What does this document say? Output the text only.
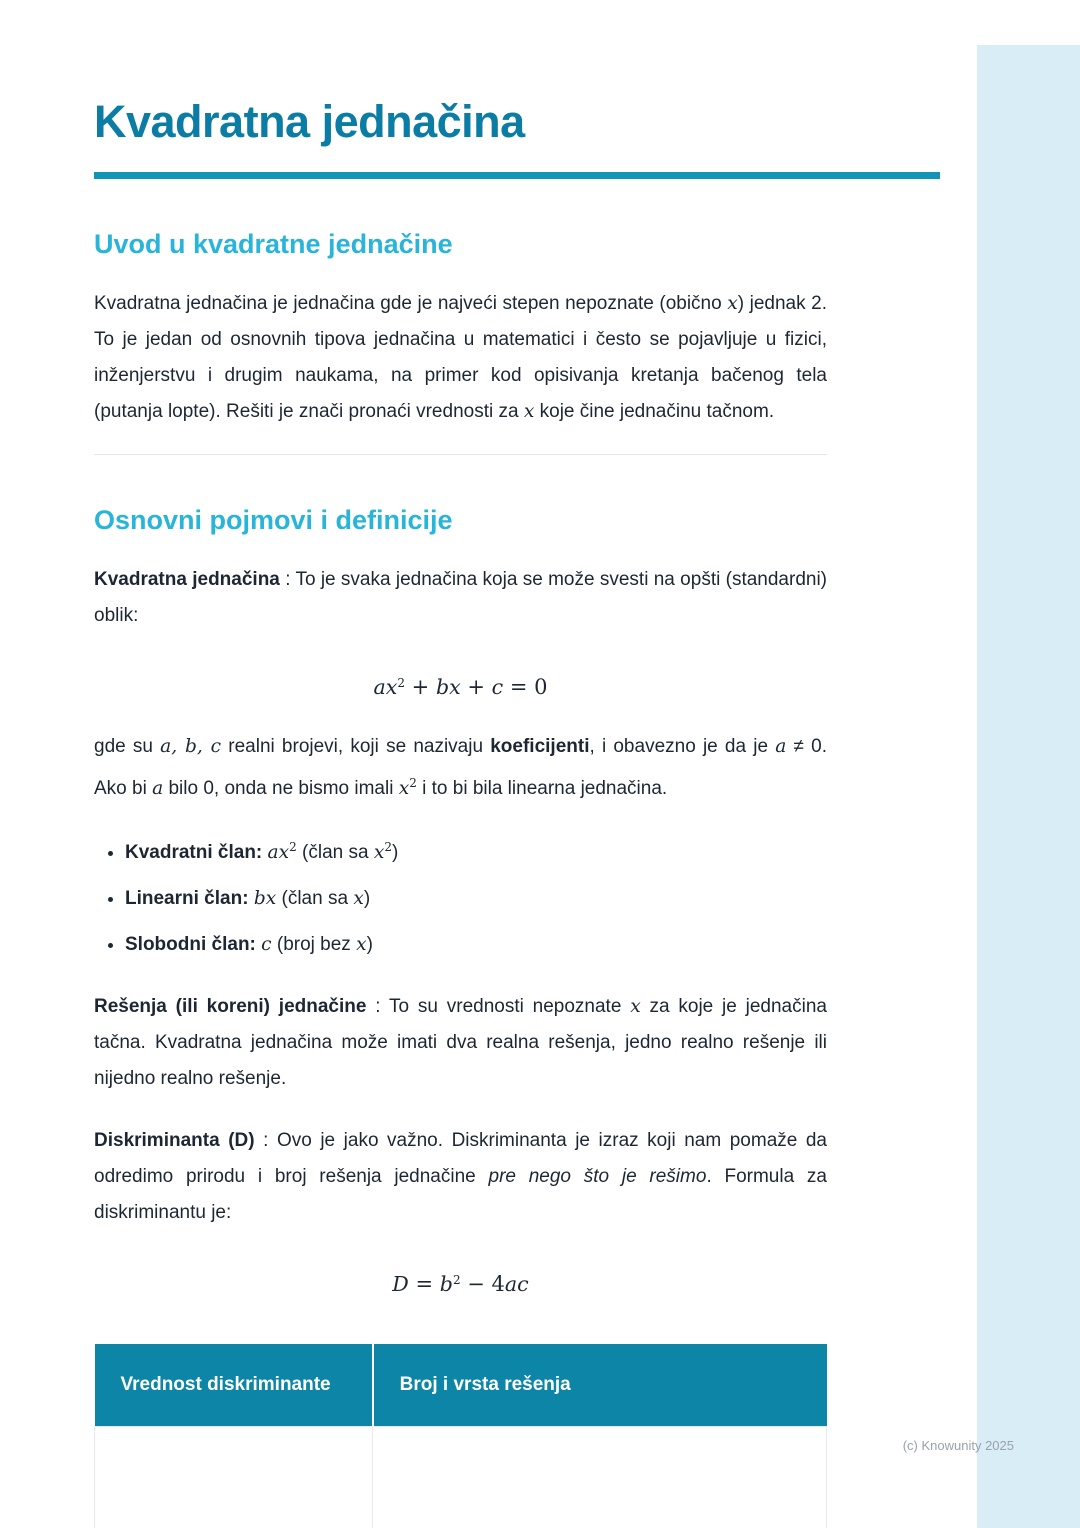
Kvadratna jednačina
Uvod u kvadratne jednačine

Kvadratna jednačina je jednačina gde je najveći stepen nepoznate (obično x) jednak 2. To je jedan od osnovnih tipova jednačina u matematici i često se pojavljuje u fizici, inženjerstvu i drugim naukama, na primer kod opisivanja kretanja bačenog tela (putanja lopte). Rešiti je znači pronaći vrednosti za x koje čine jednačinu tačnom.

Osnovni pojmovi i definicije

Kvadratna jednačina : To je svaka jednačina koja se može svesti na opšti (standardni) oblik:

$ax^2$ + bx + c = 0

gde su a, b, c realni brojevi, koji se nazivaju koeficijenti, i obavezno je da je a ≠ 0. Ako bi a bilo 0, onda ne bismo imali $x^2$ i to bi bila linearna jednačina.

• Kvadratni član: $ax^2$ (član sa $x^2$)
• Linearni član: bx (član sa x)
• Slobodni član: c (broj bez x)

Rešenja (ili koreni) jednačine : To su vrednosti nepoznate x za koje je jednačina tačna. Kvadratna jednačina može imati dva realna rešenja, jedno realno rešenje ili nijedno realno rešenje.

Diskriminanta (D) : Ovo je jako važno. Diskriminanta je izraz koji nam pomaže da odredimo prirodu i broj rešenja jednačine pre nego što je rešimo. Formula za diskriminantu je:

$D = b^2 - 4ac$
Vrednost diskriminante	Broj i vrsta rešenja

(c) Knowunity 2025
